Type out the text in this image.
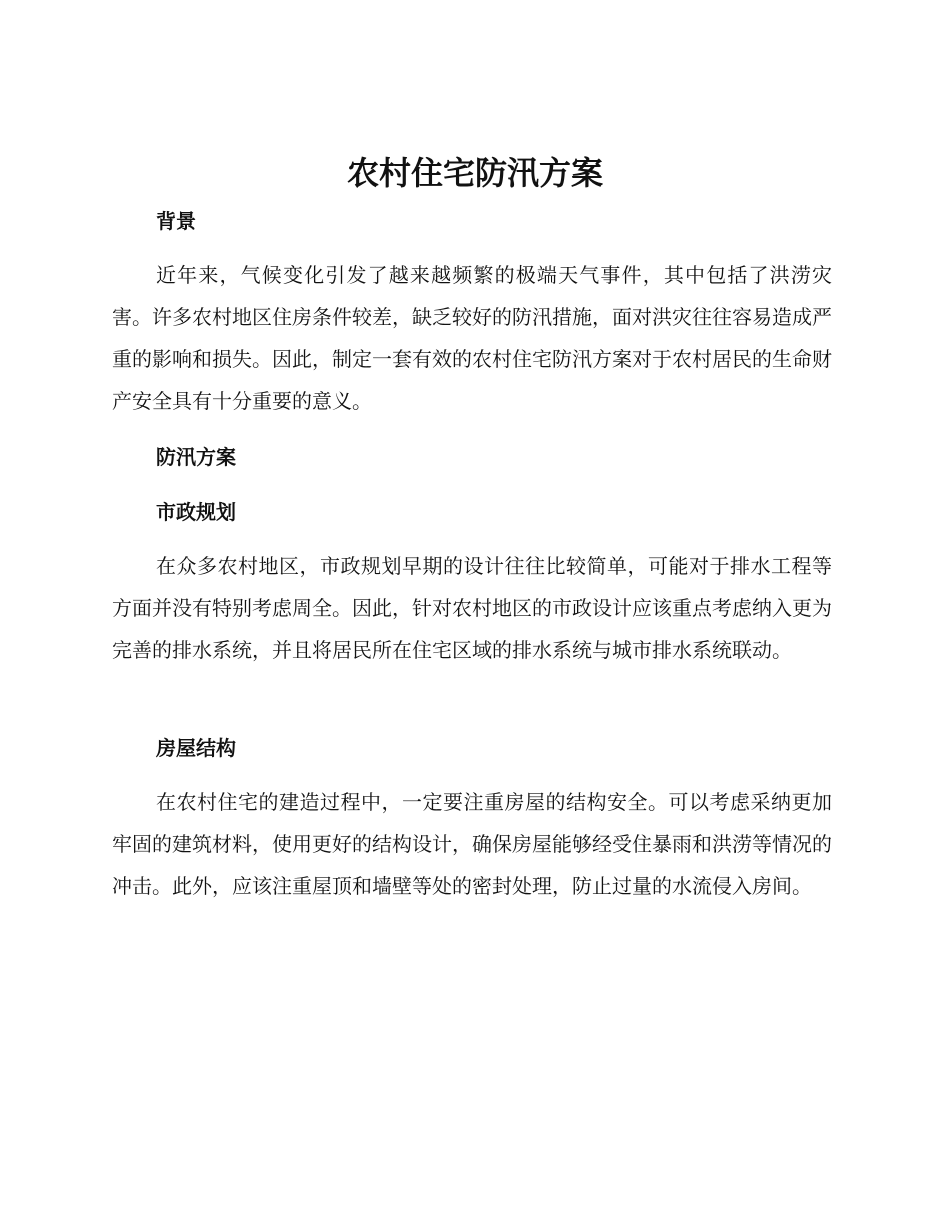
农村住宅防汛方案
背景

近年来，气候变化引发了越来越频繁的极端天气事件，其中包括了洪涝灾害。许多农村地区住房条件较差，缺乏较好的防汛措施，面对洪灾往往容易造成严重的影响和损失。因此，制定一套有效的农村住宅防汛方案对于农村居民的生命财产安全具有十分重要的意义。

防汛方案
市政规划

在众多农村地区，市政规划早期的设计往往比较简单，可能对于排水工程等方面并没有特别考虑周全。因此，针对农村地区的市政设计应该重点考虑纳入更为完善的排水系统，并且将居民所在住宅区域的排水系统与城市排水系统联动。

房屋结构

在农村住宅的建造过程中，一定要注重房屋的结构安全。可以考虑采纳更加牢固的建筑材料，使用更好的结构设计，确保房屋能够经受住暴雨和洪涝等情况的冲击。此外，应该注重屋顶和墙壁等处的密封处理，防止过量的水流侵入房间。
